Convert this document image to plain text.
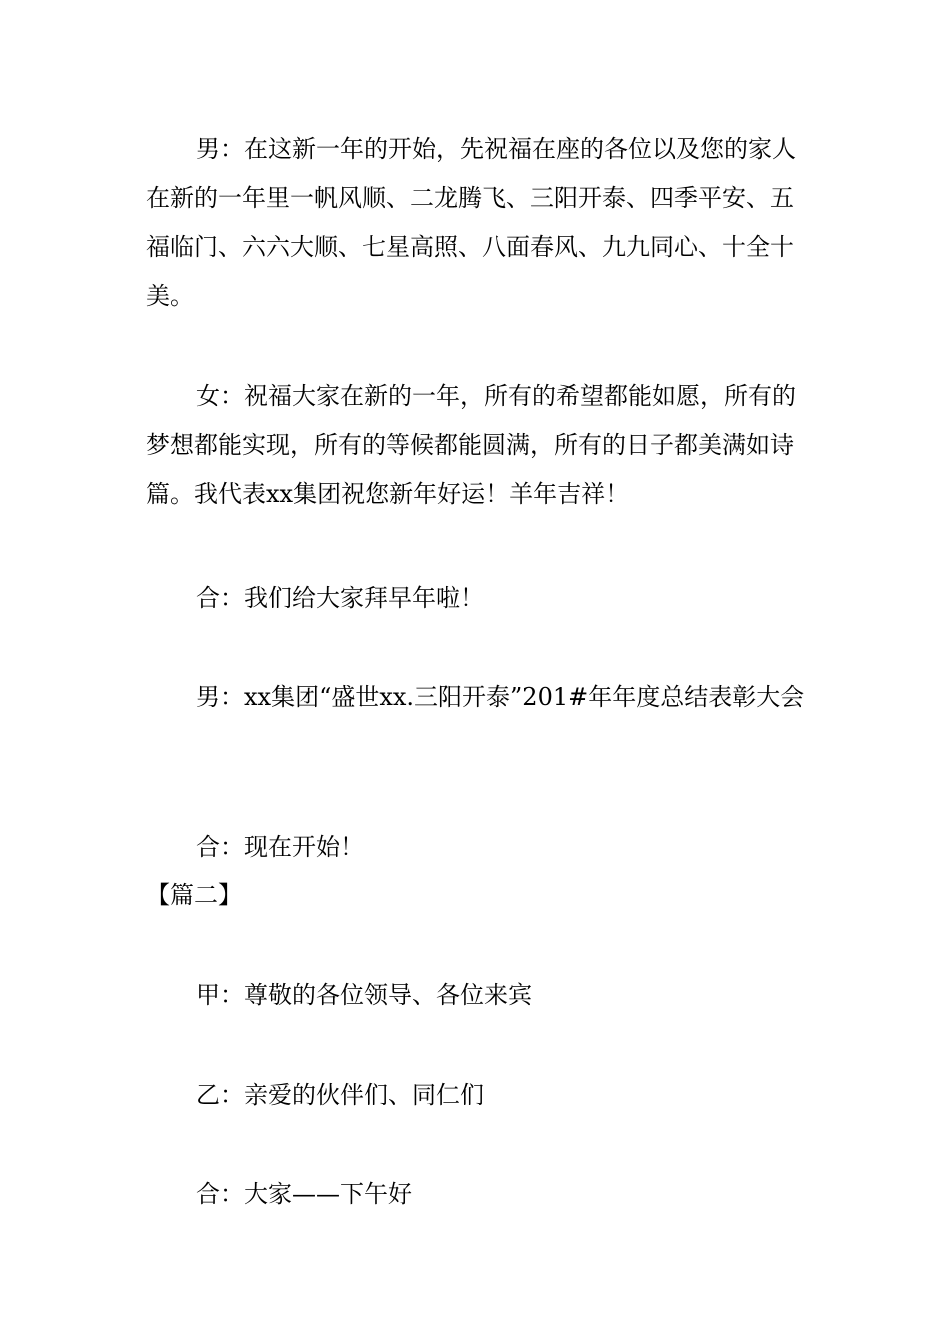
男：在这新一年的开始，先祝福在座的各位以及您的家人在新的一年里一帆风顺、二龙腾飞、三阳开泰、四季平安、五福临门、六六大顺、七星高照、八面春风、九九同心、十全十美。

女：祝福大家在新的一年，所有的希望都能如愿，所有的梦想都能实现，所有的等候都能圆满，所有的日子都美满如诗篇。我代表xx集团祝您新年好运！羊年吉祥！

合：我们给大家拜早年啦！

男：xx集团“盛世xx.三阳开泰”201#年年度总结表彰大会

合：现在开始！

【篇二】

甲：尊敬的各位领导、各位来宾

乙：亲爱的伙伴们、同仁们

合：大家——下午好
